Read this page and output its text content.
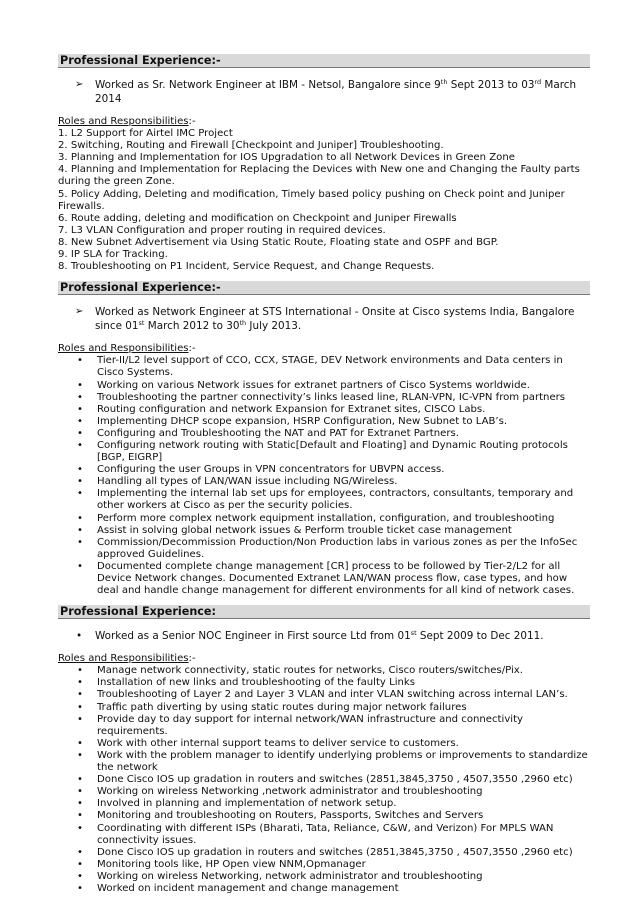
Professional Experience:-
➢ Worked as Sr. Network Engineer at IBM - Netsol, Bangalore since 9th Sept 2013 to 03rd March 2014
Roles and Responsibilities:-
1. L2 Support for Airtel IMC Project
2. Switching, Routing and Firewall [Checkpoint and Juniper] Troubleshooting.
3. Planning and Implementation for IOS Upgradation to all Network Devices in Green Zone
4. Planning and Implementation for Replacing the Devices with New one and Changing the Faulty parts during the green Zone.
5. Policy Adding, Deleting and modification, Timely based policy pushing on Check point and Juniper Firewalls.
6. Route adding, deleting and modification on Checkpoint and Juniper Firewalls
7. L3 VLAN Configuration and proper routing in required devices.
8. New Subnet Advertisement via Using Static Route, Floating state and OSPF and BGP.
9. IP SLA for Tracking.
8. Troubleshooting on P1 Incident, Service Request, and Change Requests.
Professional Experience:-
➢ Worked as Network Engineer at STS International - Onsite at Cisco systems India, Bangalore since 01st March 2012 to 30th July 2013.
Roles and Responsibilities:-
• Tier-II/L2 level support of CCO, CCX, STAGE, DEV Network environments and Data centers in Cisco Systems.
• Working on various Network issues for extranet partners of Cisco Systems worldwide.
• Troubleshooting the partner connectivity’s links leased line, RLAN-VPN, IC-VPN from partners
• Routing configuration and network Expansion for Extranet sites, CISCO Labs.
• Implementing DHCP scope expansion, HSRP Configuration, New Subnet to LAB’s.
• Configuring and Troubleshooting the NAT and PAT for Extranet Partners.
• Configuring network routing with Static[Default and Floating] and Dynamic Routing protocols [BGP, EIGRP]
• Configuring the user Groups in VPN concentrators for UBVPN access.
• Handling all types of LAN/WAN issue including NG/Wireless.
• Implementing the internal lab set ups for employees, contractors, consultants, temporary and other workers at Cisco as per the security policies.
• Perform more complex network equipment installation, configuration, and troubleshooting
• Assist in solving global network issues & Perform trouble ticket case management
• Commission/Decommission Production/Non Production labs in various zones as per the InfoSec approved Guidelines.
• Documented complete change management [CR] process to be followed by Tier-2/L2 for all Device Network changes. Documented Extranet LAN/WAN process flow, case types, and how deal and handle change management for different environments for all kind of network cases.
Professional Experience:
• Worked as a Senior NOC Engineer in First source Ltd from 01st Sept 2009 to Dec 2011.
Roles and Responsibilities:-
• Manage network connectivity, static routes for networks, Cisco routers/switches/Pix.
• Installation of new links and troubleshooting of the faulty Links
• Troubleshooting of Layer 2 and Layer 3 VLAN and inter VLAN switching across internal LAN’s.
• Traffic path diverting by using static routes during major network failures
• Provide day to day support for internal network/WAN infrastructure and connectivity requirements.
• Work with other internal support teams to deliver service to customers.
• Work with the problem manager to identify underlying problems or improvements to standardize the network
• Done Cisco IOS up gradation in routers and switches (2851,3845,3750 , 4507,3550 ,2960 etc)
• Working on wireless Networking ,network administrator and troubleshooting
• Involved in planning and implementation of network setup.
• Monitoring and troubleshooting on Routers, Passports, Switches and Servers
• Coordinating with different ISPs (Bharati, Tata, Reliance, C&W, and Verizon) For MPLS WAN connectivity issues.
• Done Cisco IOS up gradation in routers and switches (2851,3845,3750 , 4507,3550 ,2960 etc)
• Monitoring tools like, HP Open view NNM,Opmanager
• Working on wireless Networking, network administrator and troubleshooting
• Worked on incident management and change management
